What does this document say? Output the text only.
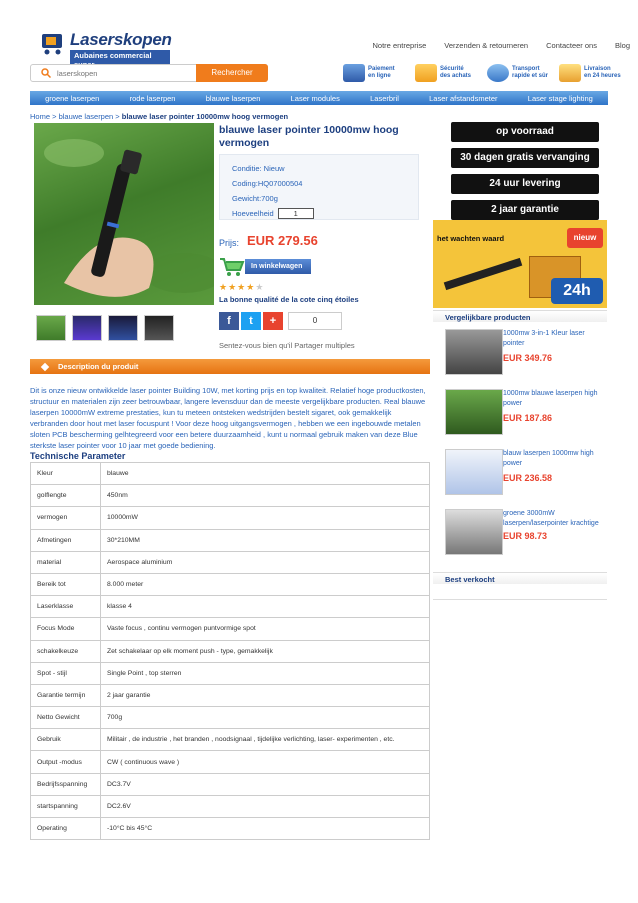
Laserskopen
Aubaines commercial
Notre entreprise Verzenden & retourneren Contacteer ons Blog
laserskopen
Rechercher	Paiement
en ligne
Sécurité
des achats
Transport
rapide et sûr
Livraison
en 24 heures
groene laserpen	rode laserpen	blauwe laserpen	Laser modules	Laserbril	Laser afstandsmeter	Laser stage lighting
Home > blauwe laserpen > blauwe laser pointer 10000mw hoog vermogen
blauwe laser pointer 10000mw hoog vermogen
Conditie: Nieuw
Coding:HQ07000504
Gewicht:700g
Hoeveelheid	1
Prijs: EUR 279.56
In winkelwagen
★ ★ ★ ★ ★
La bonne qualité de la cote cinq étoiles
f	t	+	0
Sentez-vous bien qu'il Partager multiples
Description du produit
Dit is onze nieuw ontwikkelde laser pointer Building 10W, met korting prijs en top kwaliteit. Relatief hoge productkosten, structuur en materialen zijn zeer betrouwbaar, langere levensduur dan de meeste vergelijkbare producten. Real blauwe laserpen 10000mW extreme prestaties, kun tu meteen ontsteken wedstrijden bestelt sigaret, ook gemakkelijk verbranden door hout met laser focuspunt ! Voor deze hoog uitgangsvermogen , hebben we een ingebouwde metalen sloten PCB bescherming gelhtegreerd voor een betere duurzaamheid , kunt u normaal gebruik maken van deze Blue sterkste laser pointer voor 10 jaar met goede bediening.
Technische Parameter
Kleur	blauwe
golflengte	450nm
vermogen	10000mW
Afmetingen	30*210MM
material	Aerospace aluminium
Bereik tot	8.000 meter
Laserklasse	klasse 4
Focus Mode	Vaste focus , continu vermogen puntvormige spot
schakelkeuze	Zet schakelaar op elk moment push - type, gemakkelijk
Spot - stijl	Single Point , top sterren
Garantie termijn	2 jaar garantie
Netto Gewicht	700g
Gebruik	Militair , de industrie , het branden , noodsignaal , tijdelijke verlichting, laser- experimenten , etc.
Output -modus	CW ( continuous wave )
Bedrijfsspanning	DC3.7V
startspanning	DC2.6V
Operating	-10°C bis 45°C
op voorraad
30 dagen gratis vervanging
24 uur levering
2 jaar garantie
het wachten waard	nieuw
24h
Vergelijkbare producten
1000mw 3-in-1 Kleur laser pointer
EUR 349.76
1000mw blauwe laserpen high power
EUR 187.86
blauw laserpen 1000mw high power
EUR 236.58
groene 3000mW laserpen/laserpointer krachtige
EUR 98.73
Best verkocht
